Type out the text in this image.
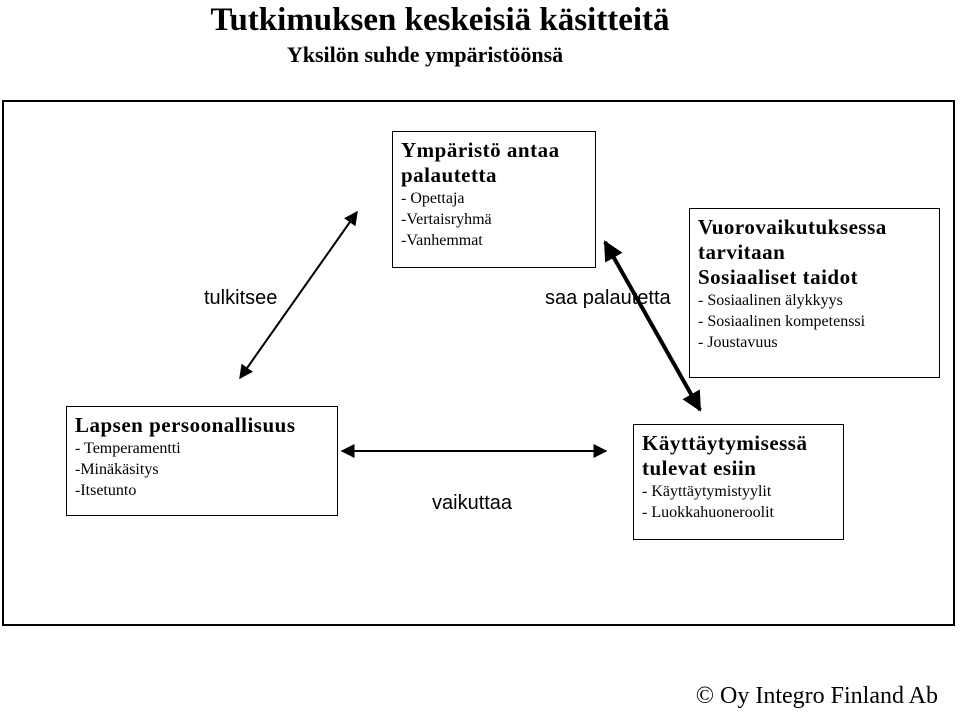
Tutkimuksen keskeisiä käsitteitä
Yksilön suhde ympäristöönsä
Ympäristö antaa
palautetta
- Opettaja
-Vertaisryhmä
-Vanhemmat
Vuorovaikutuksessa
tarvitaan
Sosiaaliset taidot
- Sosiaalinen älykkyys
- Sosiaalinen kompetenssi
- Joustavuus
Lapsen persoonallisuus
- Temperamentti
-Minäkäsitys
-Itsetunto
Käyttäytymisessä
tulevat esiin
- Käyttäytymistyylit
- Luokkahuoneroolit
tulkitsee	saa palautetta
vaikuttaa
© Oy Integro Finland Ab
